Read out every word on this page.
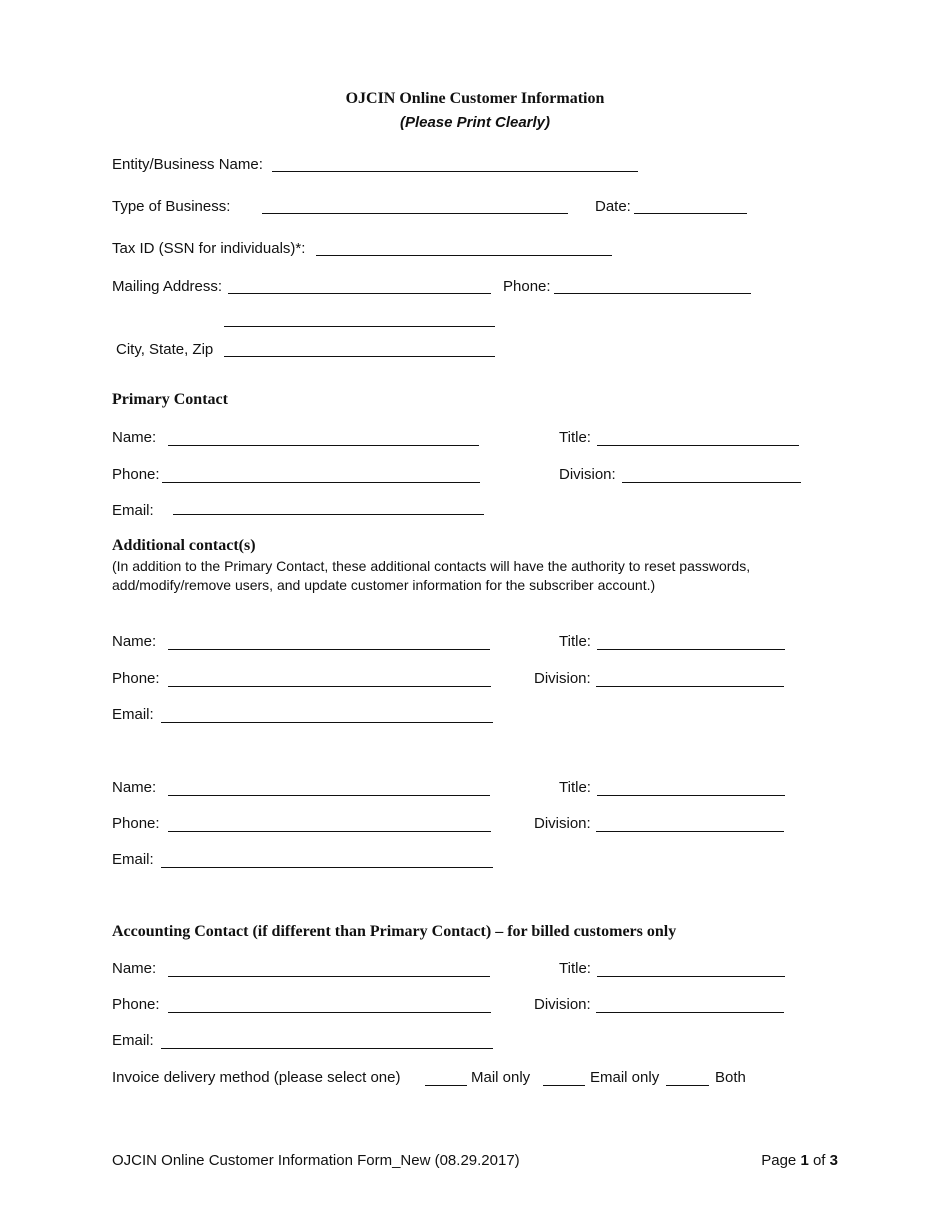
OJCIN Online Customer Information
(Please Print Clearly)
Entity/Business Name:
Type of Business:	Date:
Tax ID (SSN for individuals)*:
Mailing Address:	Phone:
City, State, Zip
Primary Contact
Name:	Title:
Phone:	Division:
Email:
Additional contact(s)
(In addition to the Primary Contact, these additional contacts will have the authority to reset passwords, add/modify/remove users, and update customer information for the subscriber account.)
Name:	Title:
Phone:	Division:
Email:
Name:	Title:
Phone:	Division:
Email:
Accounting Contact (if different than Primary Contact) – for billed customers only
Name:	Title:
Phone:	Division:
Email:
Invoice delivery method (please select one)	Mail only	Email only	Both
OJCIN Online Customer Information Form_New (08.29.2017)	Page 1 of 3
